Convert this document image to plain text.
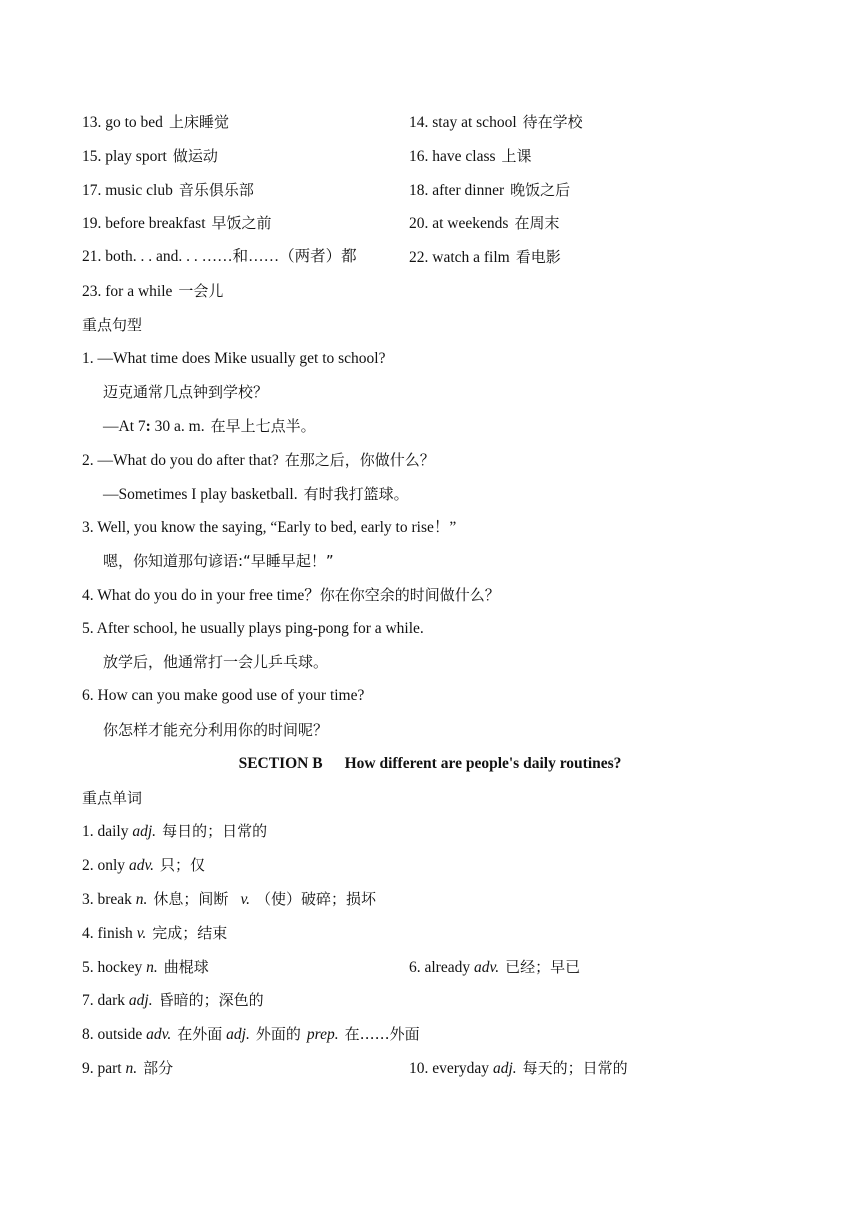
13. go to bed 上床睡觉	14. stay at school 待在学校
15. play sport 做运动	16. have class 上课
17. music club 音乐俱乐部	18. after dinner 晚饭之后
19. before breakfast 早饭之前	20. at weekends 在周末
21. both. . . and. . . ……和……（两者）都	22. watch a film 看电影
23. for a while 一会儿
重点句型
1. —What time does Mike usually get to school?
迈克通常几点钟到学校？
—At 7: 30 a. m. 在早上七点半。
2. —What do you do after that? 在那之后，你做什么？
—Sometimes I play basketball. 有时我打篮球。
3. Well, you know the saying, “Early to bed, early to rise！”
嗯，你知道那句谚语:“早睡早起！”
4. What do you do in your free time？你在你空余的时间做什么？
5. After school, he usually plays ping-pong for a while.
放学后，他通常打一会儿乒乓球。
6. How can you make good use of your time?
你怎样才能充分利用你的时间呢？
SECTION B How different are people's daily routines?
重点单词
1. daily adj. 每日的；日常的
2. only adv. 只；仅
3. break n. 休息；间断 v. （使）破碎；损坏
4. finish v. 完成；结束
5. hockey n. 曲棍球	6. already adv. 已经；早已
7. dark adj. 昏暗的；深色的
8. outside adv. 在外面 adj. 外面的 prep. 在……外面
9. part n. 部分	10. everyday adj. 每天的；日常的
